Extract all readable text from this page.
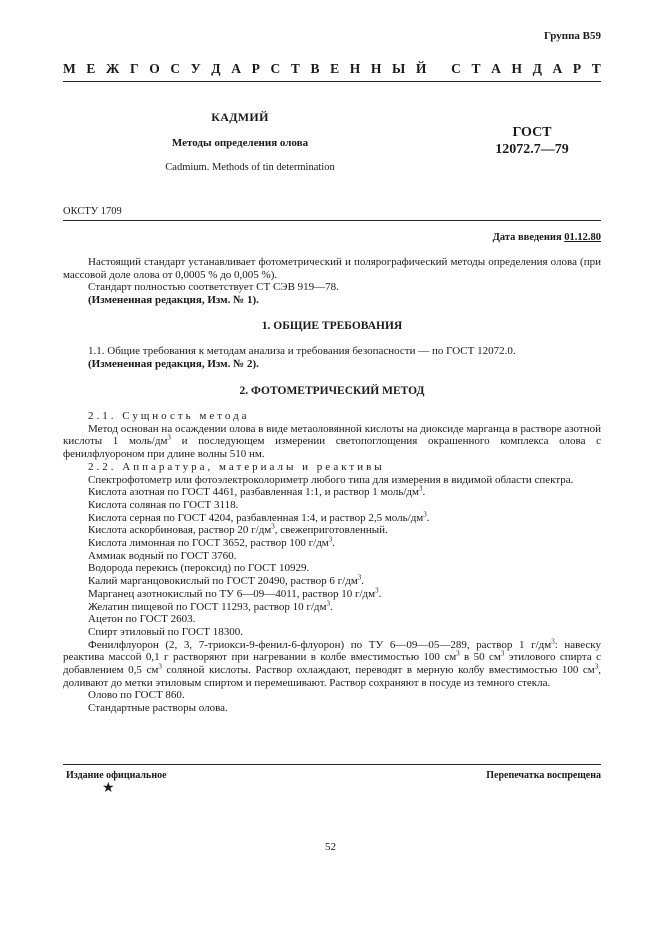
Группа В59
М Е Ж Г О С У Д А Р С Т В Е Н Н Ы Й
С Т А Н Д А Р Т
КАДМИЙ
Методы определения олова
Cadmium. Methods of tin determination
ГОСТ
12072.7—79
ОКСТУ 1709
Дата введения 01.12.80

Настоящий стандарт устанавливает фотометрический и полярографический методы определения олова (при массовой доле олова от 0,0005 % до 0,005 %).

Стандарт полностью соответствует СТ СЭВ 919—78.

(Измененная редакция, Изм. № 1).

1. ОБЩИЕ ТРЕБОВАНИЯ

1.1. Общие требования к методам анализа и требования безопасности — по ГОСТ 12072.0.

(Измененная редакция, Изм. № 2).

2. ФОТОМЕТРИЧЕСКИЙ МЕТОД

2.1. Сущность метода

Метод основан на осаждении олова в виде метаоловянной кислоты на диоксиде марганца в растворе азотной кислоты 1 моль/$дм^3$ и последующем измерении светопоглощения окрашенного комплекса олова с фенилфлуороном при длине волны 510 нм.

2.2. Аппаратура, материалы и реактивы

Спектрофотометр или фотоэлектроколориметр любого типа для измерения в видимой области спектра.

Кислота азотная по ГОСТ 4461, разбавленная 1:1, и раствор 1 моль/$дм^3$.

Кислота соляная по ГОСТ 3118.

Кислота серная по ГОСТ 4204, разбавленная 1:4, и раствор 2,5 моль/$дм^3$.

Кислота аскорбиновая, раствор 20 $г/дм^3$, свежеприготовленный.

Кислота лимонная по ГОСТ 3652, раствор 100 $г/дм^3$.

Аммиак водный по ГОСТ 3760.

Водорода перекись (пероксид) по ГОСТ 10929.

Калий марганцовокислый по ГОСТ 20490, раствор 6 $г/дм^3$.

Марганец азотнокислый по ТУ 6—09—4011, раствор 10 $г/дм^3$.

Желатин пищевой по ГОСТ 11293, раствор 10 $г/дм^3$.

Ацетон по ГОСТ 2603.

Спирт этиловый по ГОСТ 18300.

Фенилфлуорон (2, 3, 7-триокси-9-фенил-6-флуорон) по ТУ 6—09—05—289, раствор 1 $г/дм^3$: навеску реактива массой 0,1 г растворяют при нагревании в колбе вместимостью 100 $см^3$ в 50 $см^3$ этилового спирта с добавлением 0,5 $см^3$ соляной кислоты. Раствор охлаждают, переводят в мерную колбу вместимостью 100 $см^3$, доливают до метки этиловым спиртом и перемешивают. Раствор сохраняют в посуде из темного стекла.

Олово по ГОСТ 860.

Стандартные растворы олова.

Издание официальное	Перепечатка воспрещена
★
52
